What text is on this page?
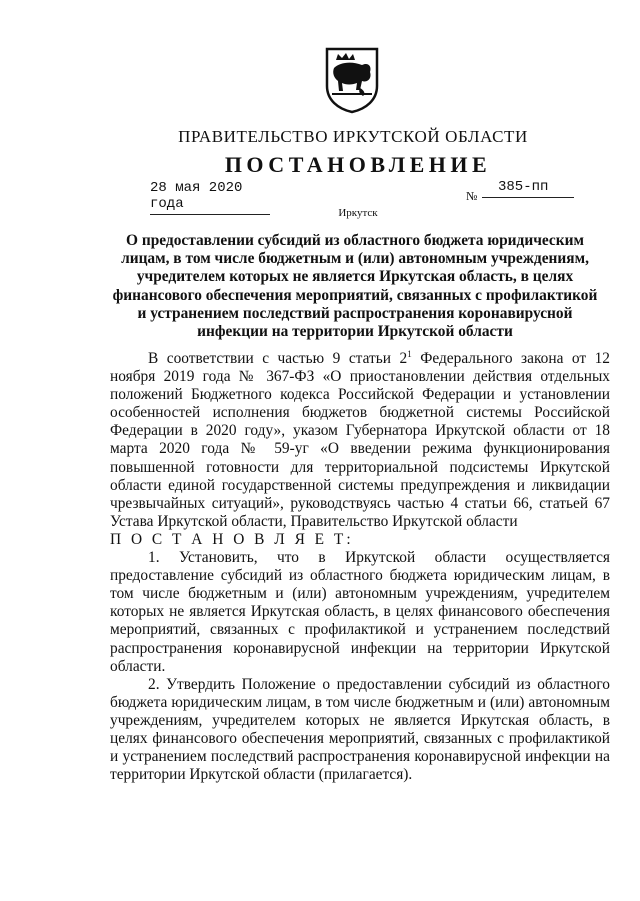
ПРАВИТЕЛЬСТВО ИРКУТСКОЙ ОБЛАСТИ
ПОСТАНОВЛЕНИЕ
28 мая 2020 года	№
385-пп
Иркутск
О предоставлении субсидий из областного бюджета юридическим лицам, в том числе бюджетным и (или) автономным учреждениям, учредителем которых не является Иркутская область, в целях финансового обеспечения мероприятий, связанных с профилактикой и устранением последствий распространения коронавирусной инфекции на территории Иркутской области

В соответствии с частью 9 статьи $2^1$ Федерального закона от 12 ноября 2019 года № 367-ФЗ «О приостановлении действия отдельных положений Бюджетного кодекса Российской Федерации и установлении особенностей исполнения бюджетов бюджетной системы Российской Федерации в 2020 году», указом Губернатора Иркутской области от 18 марта 2020 года № 59-уг «О введении режима функционирования повышенной готовности для территориальной подсистемы Иркутской области единой государственной системы предупреждения и ликвидации чрезвычайных ситуаций», руководствуясь частью 4 статьи 66, статьей 67 Устава Иркутской области, Правительство Иркутской области

П О С Т А Н О В Л Я Е Т:

1. Установить, что в Иркутской области осуществляется предоставление субсидий из областного бюджета юридическим лицам, в том числе бюджетным и (или) автономным учреждениям, учредителем которых не является Иркутская область, в целях финансового обеспечения мероприятий, связанных с профилактикой и устранением последствий распространения коронавирусной инфекции на территории Иркутской области.

2. Утвердить Положение о предоставлении субсидий из областного бюджета юридическим лицам, в том числе бюджетным и (или) автономным учреждениям, учредителем которых не является Иркутская область, в целях финансового обеспечения мероприятий, связанных с профилактикой и устранением последствий распространения коронавирусной инфекции на территории Иркутской области (прилагается).
